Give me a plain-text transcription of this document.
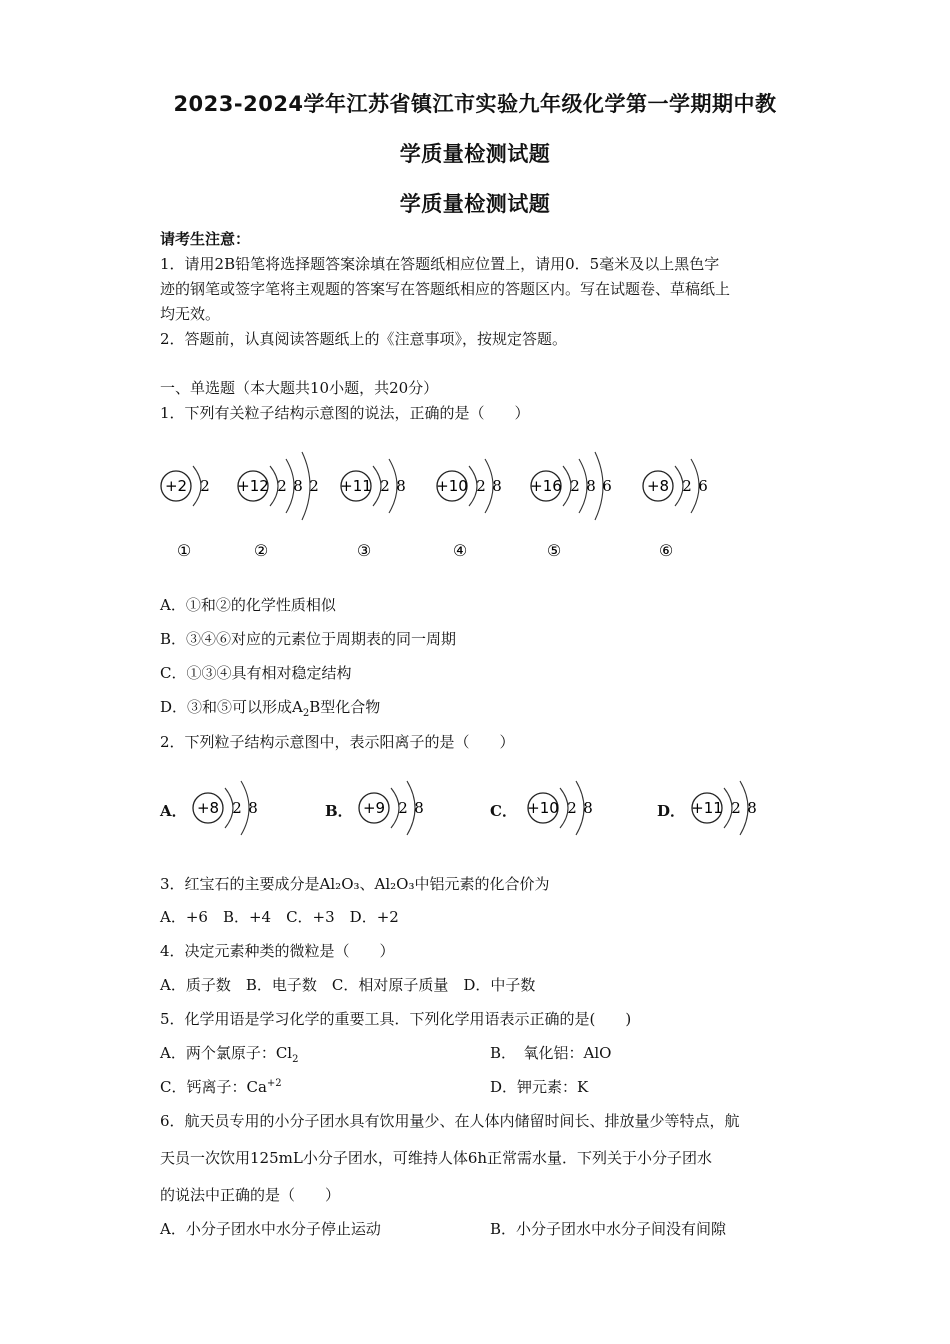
2023-2024学年江苏省镇江市实验九年级化学第一学期期中教
学质量检测试题
学质量检测试题
请考生注意：
1．请用2B铅笔将选择题答案涂填在答题纸相应位置上，请用0．5毫米及以上黑色字
迹的钢笔或签字笔将主观题的答案写在答题纸相应的答题区内。写在试题卷、草稿纸上
均无效。
2．答题前，认真阅读答题纸上的《注意事项》，按规定答题。
一、单选题（本大题共10小题，共20分）
1．下列有关粒子结构示意图的说法，正确的是（　　）
+2 2
①
+12 2 8 2
②
+11 2 8
③
+10 2 8
④
+16 2 8 6
⑤
+8 2 6
⑥
A．①和②的化学性质相似
B．③④⑥对应的元素位于周期表的同一周期
C．①③④具有相对稳定结构
D．③和⑤可以形成$A_2B$型化合物
2．下列粒子结构示意图中，表示阳离子的是（　　）
+8 2 8
A．	+9 2 8
B．	+10 2 8
C．	+11 2 8
D．
3．红宝石的主要成分是Al₂O₃、Al₂O₃中铝元素的化合价为
A．+6　B．+4　C．+3　D．+2
4．决定元素种类的微粒是（　　）
A．质子数　B．电子数　C．相对原子质量　D．中子数
5．化学用语是学习化学的重要工具．下列化学用语表示正确的是(　　)
A．两个氯原子：$Cl_2$	B．　氧化铝：AlO
C．钙离子：$Ca^{+2}$	D．钾元素：K
6．航天员专用的小分子团水具有饮用量少、在人体内储留时间长、排放量少等特点，航
天员一次饮用125mL小分子团水，可维持人体6h正常需水量．下列关于小分子团水
的说法中正确的是（　　）
A．小分子团水中水分子停止运动	B．小分子团水中水分子间没有间隙
